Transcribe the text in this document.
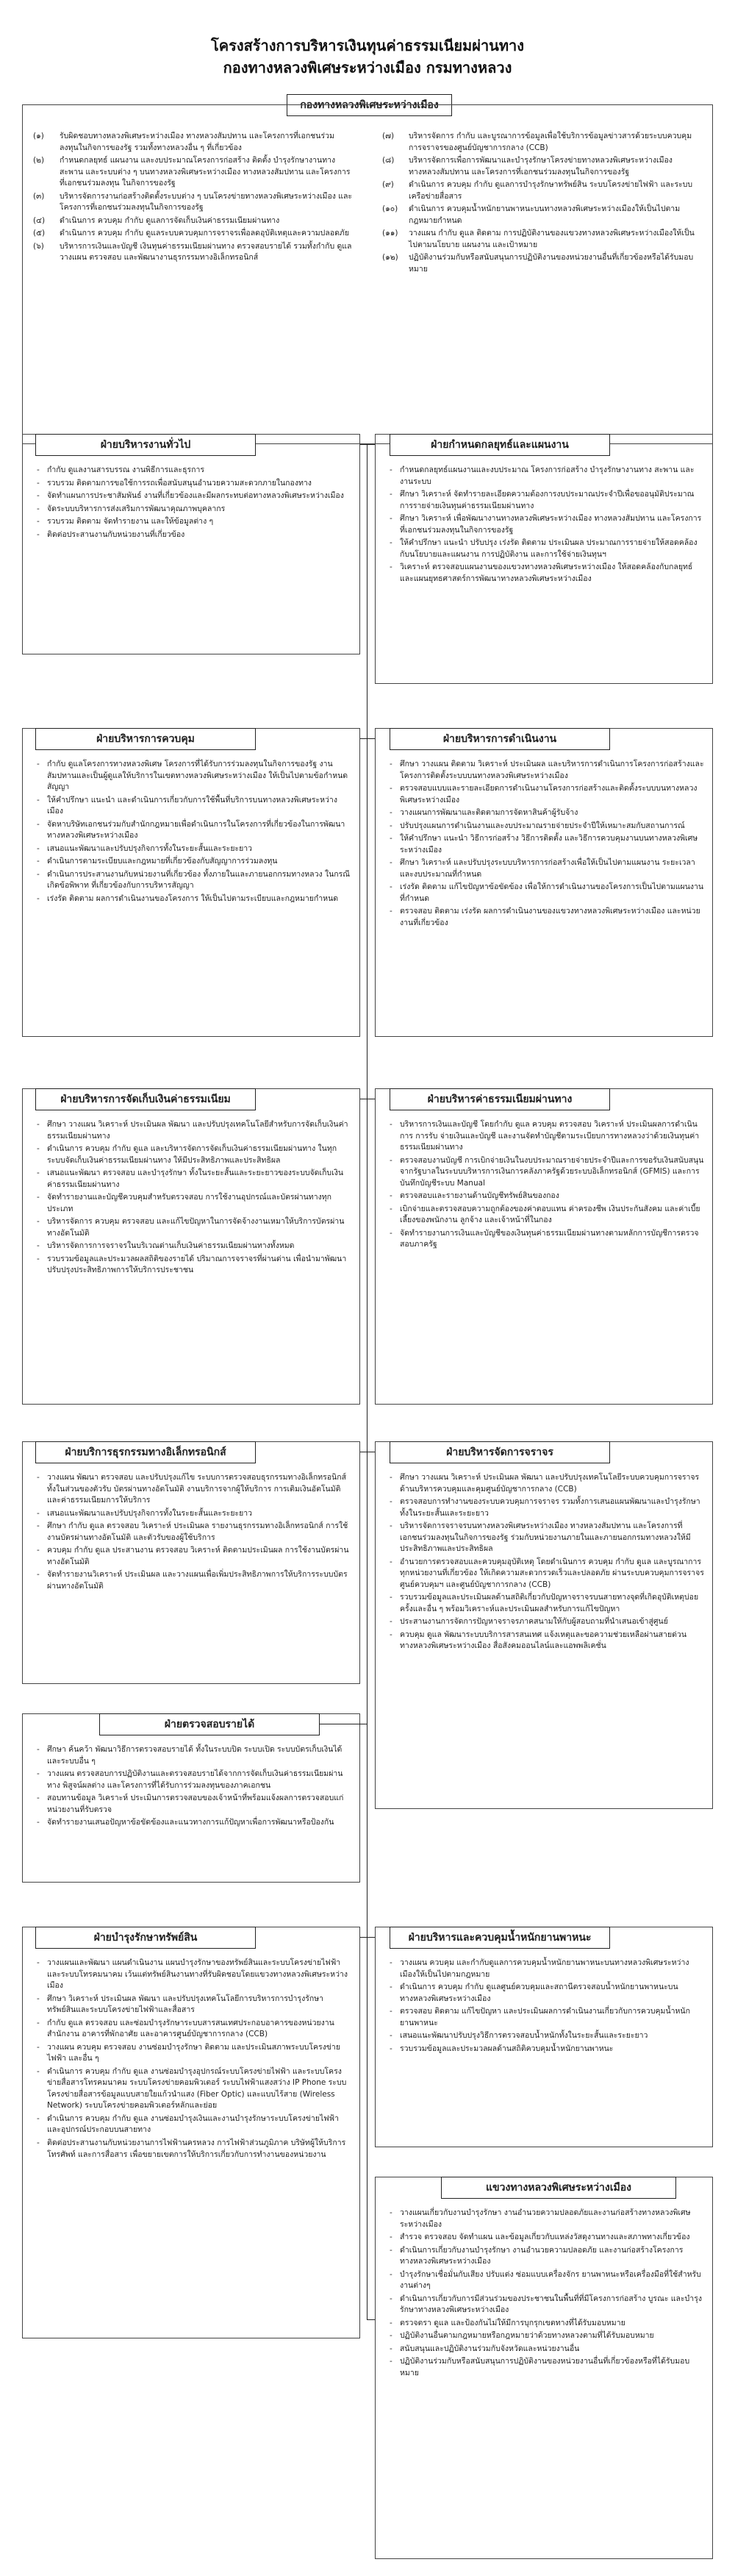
โครงสร้างการบริหารเงินทุนค่าธรรมเนียมผ่านทาง
กองทางหลวงพิเศษระหว่างเมือง กรมทางหลวง
กองทางหลวงพิเศษระหว่างเมือง
(๑)	รับผิดชอบทางหลวงพิเศษระหว่างเมือง ทางหลวงสัมปทาน และโครงการที่เอกชนร่วมลงทุนในกิจการของรัฐ รวมทั้งทางหลวงอื่น ๆ ที่เกี่ยวข้อง
(๒)	กำหนดกลยุทธ์ แผนงาน และงบประมาณโครงการก่อสร้าง ติดตั้ง บำรุงรักษางานทาง สะพาน และระบบต่าง ๆ บนทางหลวงพิเศษระหว่างเมือง ทางหลวงสัมปทาน และโครงการที่เอกชนร่วมลงทุน ในกิจการของรัฐ
(๓)	บริหารจัดการงานก่อสร้างติดตั้งระบบต่าง ๆ บนโครงข่ายทางหลวงพิเศษระหว่างเมือง และโครงการที่เอกชนร่วมลงทุนในกิจการของรัฐ
(๔)	ดำเนินการ ควบคุม กำกับ ดูแลการจัดเก็บเงินค่าธรรมเนียมผ่านทาง
(๕)	ดำเนินการ ควบคุม กำกับ ดูแลระบบควบคุมการจราจรเพื่อลดอุบัติเหตุและความปลอดภัย
(๖)	บริหารการเงินและบัญชี เงินทุนค่าธรรมเนียมผ่านทาง ตรวจสอบรายได้ รวมทั้งกำกับ ดูแล วางแผน ตรวจสอบ และพัฒนางานธุรกรรมทางอิเล็กทรอนิกส์
(๗)	บริหารจัดการ กำกับ และบูรณาการข้อมูลเพื่อใช้บริการข้อมูลข่าวสารด้วยระบบควบคุมการจราจรของศูนย์บัญชาการกลาง (CCB)
(๘)	บริหารจัดการเพื่อการพัฒนาและบำรุงรักษาโครงข่ายทางหลวงพิเศษระหว่างเมือง ทางหลวงสัมปทาน และโครงการที่เอกชนร่วมลงทุนในกิจการของรัฐ
(๙)	ดำเนินการ ควบคุม กำกับ ดูแลการบำรุงรักษาทรัพย์สิน ระบบโครงข่ายไฟฟ้า และระบบเครือข่ายสื่อสาร
(๑๐)	ดำเนินการ ควบคุมน้ำหนักยานพาหนะบนทางหลวงพิเศษระหว่างเมืองให้เป็นไปตามกฎหมายกำหนด
(๑๑)	วางแผน กำกับ ดูแล ติดตาม การปฏิบัติงานของแขวงทางหลวงพิเศษระหว่างเมืองให้เป็นไปตามนโยบาย แผนงาน และเป้าหมาย
(๑๒)	ปฏิบัติงานร่วมกับหรือสนับสนุนการปฏิบัติงานของหน่วยงานอื่นที่เกี่ยวข้องหรือได้รับมอบหมาย
ฝ่ายบริหารงานทั่วไป	ฝ่ายกำหนดกลยุทธ์และแผนงาน
ฝ่ายบริหารการควบคุม	ฝ่ายบริหารการดำเนินงาน
ฝ่ายบริหารการจัดเก็บเงินค่าธรรมเนียม	ฝ่ายบริหารค่าธรรมเนียมผ่านทาง
ฝ่ายบริการธุรกรรมทางอิเล็กทรอนิกส์	ฝ่ายบริหารจัดการจราจร
ฝ่ายตรวจสอบรายได้
ฝ่ายบำรุงรักษาทรัพย์สิน	ฝ่ายบริหารและควบคุมน้ำหนักยานพาหนะ
แขวงทางหลวงพิเศษระหว่างเมือง
- กำกับ ดูแลงานสารบรรณ งานพิธีการและธุรการ
- รวบรวม ติดตามการขอใช้การรถเพื่อสนับสนุนอำนวยความสะดวกภายในกองทาง
- จัดทำแผนการประชาสัมพันธ์ งานที่เกี่ยวข้องและมีผลกระทบต่อทางหลวงพิเศษระหว่างเมือง
- จัดระบบบริหารการส่งเสริมการพัฒนาคุณภาพบุคลากร
- รวบรวม ติดตาม จัดทำรายงาน และให้ข้อมูลต่าง ๆ
- ติดต่อประสานงานกับหน่วยงานที่เกี่ยวข้อง
- กำหนดกลยุทธ์แผนงานและงบประมาณ โครงการก่อสร้าง บำรุงรักษางานทาง สะพาน และงานระบบ
- ศึกษา วิเคราะห์ จัดทำรายละเอียดความต้องการงบประมาณประจำปีเพื่อขออนุมัติประมาณการรายจ่ายเงินทุนค่าธรรมเนียมผ่านทาง
- ศึกษา วิเคราะห์ เพื่อพัฒนางานทางหลวงพิเศษระหว่างเมือง ทางหลวงสัมปทาน และโครงการที่เอกชนร่วมลงทุนในกิจการของรัฐ
- ให้คำปรึกษา แนะนำ ปรับปรุง เร่งรัด ติดตาม ประเมินผล ประมาณการรายจ่ายให้สอดคล้องกับนโยบายและแผนงาน การปฏิบัติงาน และการใช้จ่ายเงินทุนฯ
- วิเคราะห์ ตรวจสอบแผนงานของแขวงทางหลวงพิเศษระหว่างเมือง ให้สอดคล้องกับกลยุทธ์และแผนยุทธศาสตร์การพัฒนาทางหลวงพิเศษระหว่างเมือง
- กำกับ ดูแลโครงการทางหลวงพิเศษ โครงการที่ได้รับการร่วมลงทุนในกิจการของรัฐ งานสัมปทานและเป็นผู้ดูแลให้บริการในเขตทางหลวงพิเศษระหว่างเมือง ให้เป็นไปตามข้อกำหนดสัญญา
- ให้คำปรึกษา แนะนำ และดำเนินการเกี่ยวกับการใช้พื้นที่บริการบนทางหลวงพิเศษระหว่างเมือง
- จัดหาบริษัทเอกชนร่วมกับสำนักกฎหมายเพื่อดำเนินการในโครงการที่เกี่ยวข้องในการพัฒนาทางหลวงพิเศษระหว่างเมือง
- เสนอแนะพัฒนาและปรับปรุงกิจการทั้งในระยะสั้นและระยะยาว
- ดำเนินการตามระเบียบและกฎหมายที่เกี่ยวข้องกับสัญญาการร่วมลงทุน
- ดำเนินการประสานงานกับหน่วยงานที่เกี่ยวข้อง ทั้งภายในและภายนอกกรมทางหลวง ในกรณีเกิดข้อพิพาท ที่เกี่ยวข้องกับการบริหารสัญญา
- เร่งรัด ติดตาม ผลการดำเนินงานของโครงการ ให้เป็นไปตามระเบียบและกฎหมายกำหนด
- ศึกษา วางแผน ติดตาม วิเคราะห์ ประเมินผล และบริหารการดำเนินการโครงการก่อสร้างและโครงการติดตั้งระบบบนทางหลวงพิเศษระหว่างเมือง
- ตรวจสอบแบบและรายละเอียดการดำเนินงานโครงการก่อสร้างและติดตั้งระบบบนทางหลวงพิเศษระหว่างเมือง
- วางแผนการพัฒนาและติดตามการจัดหาสินค้าผู้รับจ้าง
- ปรับปรุงแผนการดำเนินงานและงบประมาณรายจ่ายประจำปีให้เหมาะสมกับสถานการณ์
- ให้คำปรึกษา แนะนำ วิธีการก่อสร้าง วิธีการติดตั้ง และวิธีการควบคุมงานบนทางหลวงพิเศษระหว่างเมือง
- ศึกษา วิเคราะห์ และปรับปรุงระบบบริหารการก่อสร้างเพื่อให้เป็นไปตามแผนงาน ระยะเวลา และงบประมาณที่กำหนด
- เร่งรัด ติดตาม แก้ไขปัญหาข้อขัดข้อง เพื่อให้การดำเนินงานของโครงการเป็นไปตามแผนงานที่กำหนด
- ตรวจสอบ ติดตาม เร่งรัด ผลการดำเนินงานของแขวงทางหลวงพิเศษระหว่างเมือง และหน่วยงานที่เกี่ยวข้อง
- ศึกษา วางแผน วิเคราะห์ ประเมินผล พัฒนา และปรับปรุงเทคโนโลยีสำหรับการจัดเก็บเงินค่าธรรมเนียมผ่านทาง
- ดำเนินการ ควบคุม กำกับ ดูแล และบริหารจัดการจัดเก็บเงินค่าธรรมเนียมผ่านทาง ในทุกระบบจัดเก็บเงินค่าธรรมเนียมผ่านทาง ให้มีประสิทธิภาพและประสิทธิผล
- เสนอแนะพัฒนา ตรวจสอบ และบำรุงรักษา ทั้งในระยะสั้นและระยะยาวของระบบจัดเก็บเงินค่าธรรมเนียมผ่านทาง
- จัดทำรายงานและบัญชีควบคุมสำหรับตรวจสอบ การใช้งานอุปกรณ์และบัตรผ่านทางทุกประเภท
- บริหารจัดการ ควบคุม ตรวจสอบ และแก้ไขปัญหาในการจัดจ้างงานเหมาให้บริการบัตรผ่านทางอัตโนมัติ
- บริหารจัดการการจราจรในบริเวณด่านเก็บเงินค่าธรรมเนียมผ่านทางทั้งหมด
- รวบรวมข้อมูลและประมวลผลสถิติของรายได้ ปริมาณการจราจรที่ผ่านด่าน เพื่อนำมาพัฒนาปรับปรุงประสิทธิภาพการให้บริการประชาชน
- บริหารการเงินและบัญชี โดยกำกับ ดูแล ควบคุม ตรวจสอบ วิเคราะห์ ประเมินผลการดำเนินการ การรับ จ่ายเงินและบัญชี และงานจัดทำบัญชีตามระเบียบการทางหลวงว่าด้วยเงินทุนค่าธรรมเนียมผ่านทาง
- ตรวจสอบงานบัญชี การเบิกจ่ายเงินในงบประมาณรายจ่ายประจำปีและการขอรับเงินสนับสนุนจากรัฐบาลในระบบบริหารการเงินการคลังภาครัฐด้วยระบบอิเล็กทรอนิกส์ (GFMIS) และการบันทึกบัญชีระบบ Manual
- ตรวจสอบและรายงานด้านบัญชีทรัพย์สินของกอง
- เบิกจ่ายและตรวจสอบความถูกต้องของค่าตอบแทน ค่าครองชีพ เงินประกันสังคม และค่าเบี้ยเลี้ยงของพนักงาน ลูกจ้าง และเจ้าหน้าที่ในกอง
- จัดทำรายงานการเงินและบัญชีของเงินทุนค่าธรรมเนียมผ่านทางตามหลักการบัญชีการตรวจสอบภาครัฐ
- วางแผน พัฒนา ตรวจสอบ และปรับปรุงแก้ไข ระบบการตรวจสอบธุรกรรมทางอิเล็กทรอนิกส์ ทั้งในส่วนของตัวรับ บัตรผ่านทางอัตโนมัติ งานบริการจากผู้ให้บริการ การเติมเงินอัตโนมัติ และค่าธรรมเนียมการให้บริการ
- เสนอแนะพัฒนาและปรับปรุงกิจการทั้งในระยะสั้นและระยะยาว
- ศึกษา กำกับ ดูแล ตรวจสอบ วิเคราะห์ ประเมินผล รายงานธุรกรรมทางอิเล็กทรอนิกส์ การใช้งานบัตรผ่านทางอัตโนมัติ และตัวรับของผู้ใช้บริการ
- ควบคุม กำกับ ดูแล ประสานงาน ตรวจสอบ วิเคราะห์ ติดตามประเมินผล การใช้งานบัตรผ่านทางอัตโนมัติ
- จัดทำรายงานวิเคราะห์ ประเมินผล และวางแผนเพื่อเพิ่มประสิทธิภาพการให้บริการระบบบัตรผ่านทางอัตโนมัติ
- ศึกษา วางแผน วิเคราะห์ ประเมินผล พัฒนา และปรับปรุงเทคโนโลยีระบบควบคุมการจราจรด้านบริหารควบคุมและคุมศูนย์บัญชาการกลาง (CCB)
- ตรวจสอบการทำงานของระบบควบคุมการจราจร รวมทั้งการเสนอแผนพัฒนาและบำรุงรักษาทั้งในระยะสั้นและระยะยาว
- บริหารจัดการจราจรบนทางหลวงพิเศษระหว่างเมือง ทางหลวงสัมปทาน และโครงการที่เอกชนร่วมลงทุนในกิจการของรัฐ ร่วมกับหน่วยงานภายในและภายนอกกรมทางหลวงให้มีประสิทธิภาพและประสิทธิผล
- อำนวยการตรวจสอบและควบคุมอุบัติเหตุ โดยดำเนินการ ควบคุม กำกับ ดูแล และบูรณาการทุกหน่วยงานที่เกี่ยวข้อง ให้เกิดความสะดวกรวดเร็วและปลอดภัย ผ่านระบบควบคุมการจราจรศูนย์ควบคุมฯ และศูนย์บัญชาการกลาง (CCB)
- รวบรวมข้อมูลและประเมินผลด้านสถิติเกี่ยวกับปัญหาจราจรบนสายทางจุดที่เกิดอุบัติเหตุบ่อยครั้งและอื่น ๆ พร้อมวิเคราะห์และประเมินผลสำหรับการแก้ไขปัญหา
- ประสานงานการจัดการปัญหาจราจรภาคสนามให้กับผู้สอบถามที่นำเสนอเข้าสู่ศูนย์
- ควบคุม ดูแล พัฒนาระบบบริการสารสนเทศ แจ้งเหตุและขอความช่วยเหลือผ่านสายด่วนทางหลวงพิเศษระหว่างเมือง สื่อสังคมออนไลน์และแอพพลิเคชั่น
- ศึกษา ค้นคว้า พัฒนาวิธีการตรวจสอบรายได้ ทั้งในระบบปิด ระบบเปิด ระบบบัตรเก็บเงินได้ และระบบอื่น ๆ
- วางแผน ตรวจสอบการปฏิบัติงานและตรวจสอบรายได้จากการจัดเก็บเงินค่าธรรมเนียมผ่านทาง พิสูจน์ผลต่าง และโครงการที่ได้รับการร่วมลงทุนของภาคเอกชน
- สอบทานข้อมูล วิเคราะห์ ประเมินการตรวจสอบของเจ้าหน้าที่พร้อมแจ้งผลการตรวจสอบแก่หน่วยงานที่รับตรวจ
- จัดทำรายงานเสนอปัญหาข้อขัดข้องและแนวทางการแก้ปัญหาเพื่อการพัฒนาหรือป้องกัน
- วางแผนและพัฒนา แผนดำเนินงาน แผนบำรุงรักษาของทรัพย์สินและระบบโครงข่ายไฟฟ้าและระบบโทรคมนาคม เว้นแต่ทรัพย์สินงานทางที่รับผิดชอบโดยแขวงทางหลวงพิเศษระหว่างเมือง
- ศึกษา วิเคราะห์ ประเมินผล พัฒนา และปรับปรุงเทคโนโลยีการบริหารการบำรุงรักษาทรัพย์สินและระบบโครงข่ายไฟฟ้าและสื่อสาร
- กำกับ ดูแล ตรวจสอบ และซ่อมบำรุงรักษาระบบสารสนเทศประกอบอาคารของหน่วยงานสำนักงาน อาคารที่พักอาศัย และอาคารศูนย์บัญชาการกลาง (CCB)
- วางแผน ควบคุม ตรวจสอบ งานซ่อมบำรุงรักษา ติดตาม และประเมินสภาพระบบโครงข่ายไฟฟ้า และอื่น ๆ
- ดำเนินการ ควบคุม กำกับ ดูแล งานซ่อมบำรุงอุปกรณ์ระบบโครงข่ายไฟฟ้า และระบบโครงข่ายสื่อสารโทรคมนาคม ระบบโครงข่ายคอมพิวเตอร์ ระบบไฟฟ้าแสงสว่าง IP Phone ระบบโครงข่ายสื่อสารข้อมูลแบบสายใยแก้วนำแสง (Fiber Optic) และแบบไร้สาย (Wireless Network) ระบบโครงข่ายคอมพิวเตอร์หลักและย่อย
- ดำเนินการ ควบคุม กำกับ ดูแล งานซ่อมบำรุงเงินและงานบำรุงรักษาระบบโครงข่ายไฟฟ้าและอุปกรณ์ประกอบบนสายทาง
- ติดต่อประสานงานกับหน่วยงานการไฟฟ้านครหลวง การไฟฟ้าส่วนภูมิภาค บริษัทผู้ให้บริการโทรศัพท์ และการสื่อสาร เพื่อขยายเขตการให้บริการเกี่ยวกับการทำงานของหน่วยงาน
- วางแผน ควบคุม และกำกับดูแลการควบคุมน้ำหนักยานพาหนะบนทางหลวงพิเศษระหว่างเมืองให้เป็นไปตามกฎหมาย
- ดำเนินการ ควบคุม กำกับ ดูแลศูนย์ควบคุมและสถานีตรวจสอบน้ำหนักยานพาหนะบนทางหลวงพิเศษระหว่างเมือง
- ตรวจสอบ ติดตาม แก้ไขปัญหา และประเมินผลการดำเนินงานเกี่ยวกับการควบคุมน้ำหนักยานพาหนะ
- เสนอแนะพัฒนาปรับปรุงวิธีการตรวจสอบน้ำหนักทั้งในระยะสั้นและระยะยาว
- รวบรวมข้อมูลและประมวลผลด้านสถิติควบคุมน้ำหนักยานพาหนะ
- วางแผนเกี่ยวกับงานบำรุงรักษา งานอำนวยความปลอดภัยและงานก่อสร้างทางหลวงพิเศษระหว่างเมือง
- สำรวจ ตรวจสอบ จัดทำแผน และข้อมูลเกี่ยวกับแหล่งวัสดุงานทางและสภาพทางเกี่ยวข้อง
- ดำเนินการเกี่ยวกับงานบำรุงรักษา งานอำนวยความปลอดภัย และงานก่อสร้างโครงการทางหลวงพิเศษระหว่างเมือง
- บำรุงรักษาเชื่อมั่นกับเสียง ปรับแต่ง ซ่อมแบบเครื่องจักร ยานพาหนะหรือเครื่องมือที่ใช้สำหรับงานต่างๆ
- ดำเนินการเกี่ยวกับการมีส่วนร่วมของประชาชนในพื้นที่ที่มีโครงการก่อสร้าง บูรณะ และบำรุงรักษาทางหลวงพิเศษระหว่างเมือง
- ตรวจตรา ดูแล และป้องกันไม่ให้มีการบุกรุกเขตทางที่ได้รับมอบหมาย
- ปฏิบัติงานอื่นตามกฎหมายหรือกฎหมายว่าด้วยทางหลวงตามที่ได้รับมอบหมาย
- สนับสนุนและปฏิบัติงานร่วมกับจังหวัดและหน่วยงานอื่น
- ปฏิบัติงานร่วมกับหรือสนับสนุนการปฏิบัติงานของหน่วยงานอื่นที่เกี่ยวข้องหรือที่ได้รับมอบหมาย
